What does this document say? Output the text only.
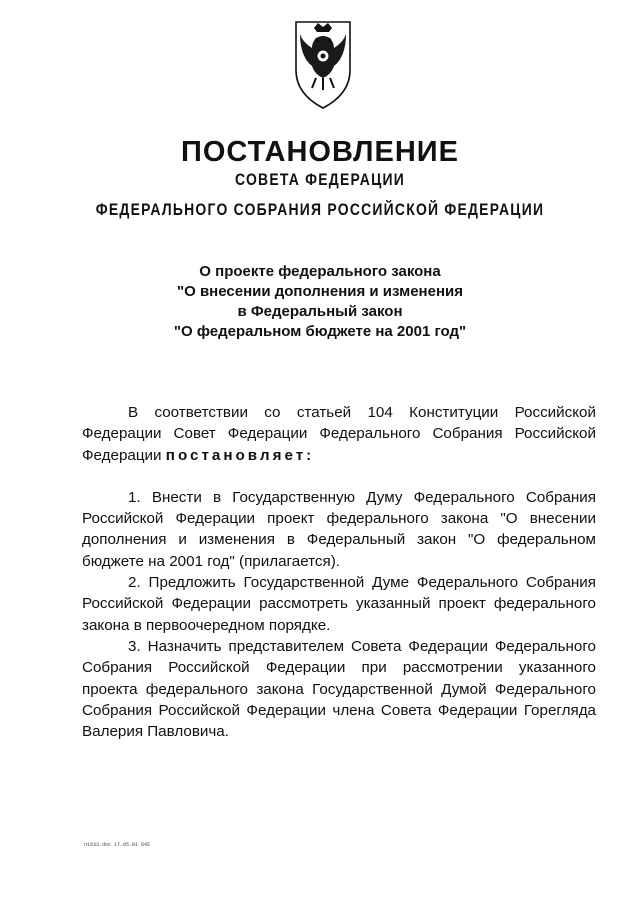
ПОСТАНОВЛЕНИЕ
СОВЕТА ФЕДЕРАЦИИ
ФЕДЕРАЛЬНОГО СОБРАНИЯ РОССИЙСКОЙ ФЕДЕРАЦИИ
О проекте федерального закона
"О внесении дополнения и изменения
в Федеральный закон
"О федеральном бюджете на 2001 год"

В соответствии со статьей 104 Конституции Российской Федерации Совет Федерации Федерального Собрания Российской Федерации постановляет:

1. Внести в Государственную Думу Федерального Собрания Российской Федерации проект федерального закона "О внесении дополнения и изменения в Федеральный закон "О федеральном бюджете на 2001 год" (прилагается).

2. Предложить Государственной Думе Федерального Собрания Российской Федерации рассмотреть указанный проект федерального закона в первоочередном порядке.

3. Назначить представителем Совета Федерации Федерального Собрания Российской Федерации при рассмотрении указанного проекта федерального закона Государственной Думой Федерального Собрания Российской Федерации члена Совета Федерации Горегляда Валерия Павловича.

п1633.doc 17.05.01 645
